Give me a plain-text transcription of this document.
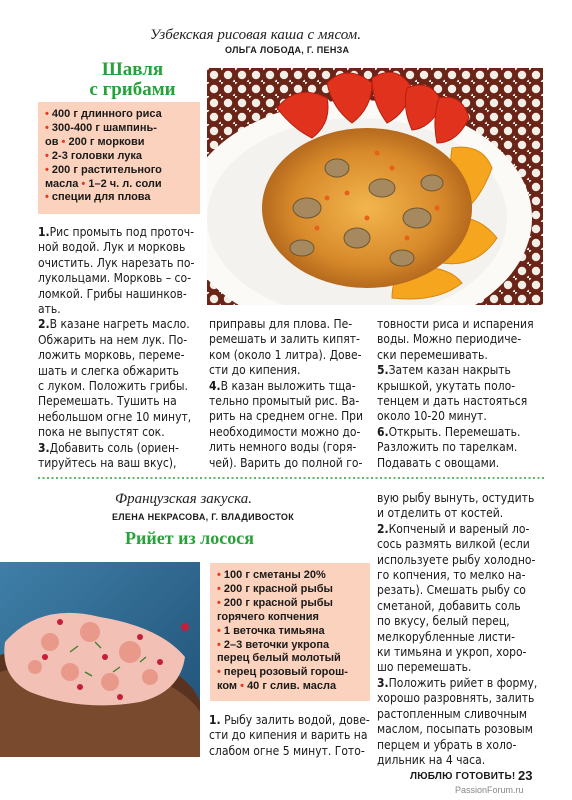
Узбекская рисовая каша с мясом.
ОЛЬГА ЛОБОДА, Г. ПЕНЗА
Шавля
с грибами
• 400 г длинного риса
• 300-400 г шампинь-
ов • 200 г моркови
• 2-3 головки лука
• 200 г растительного
масла • 1–2 ч. л. соли
• специи для плова
1.Рис промыть под проточ-
ной водой. Лук и морковь
очистить. Лук нарезать по-
лукольцами. Морковь – со-
ломкой. Грибы нашинков-
ать.
2.В казане нагреть масло.
Обжарить на нем лук. По-
ложить морковь, переме-
шать и слегка обжарить
с луком. Положить грибы.
Перемешать. Тушить на
небольшом огне 10 минут,
пока не выпустят сок.
3.Добавить соль (ориен-
тируйтесь на ваш вкус),
приправы для плова. Пе-
ремешать и залить кипят-
ком (около 1 литра). Дове-
сти до кипения.
4.В казан выложить тща-
тельно промытый рис. Ва-
рить на среднем огне. При
необходимости можно до-
лить немного воды (горя-
чей). Варить до полной го-
товности риса и испарения
воды. Можно периодиче-
ски перемешивать.
5.Затем казан накрыть
крышкой, укутать поло-
тенцем и дать настояться
около 10-20 минут.
6.Открыть. Перемешать.
Разложить по тарелкам.
Подавать с овощами.
Французская закуска.
ЕЛЕНА НЕКРАСОВА, Г. ВЛАДИВОСТОК
Рийет из лосося
• 100 г сметаны 20%
• 200 г красной рыбы
• 200 г красной рыбы
горячего копчения
• 1 веточка тимьяна
• 2–3 веточки укропа
перец белый молотый
• перец розовый горош-
ком • 40 г слив. масла
1. Рыбу залить водой, дове-
сти до кипения и варить на
слабом огне 5 минут. Гото-
вую рыбу вынуть, остудить
и отделить от костей.
2.Копченый и вареный ло-
сось размять вилкой (если
используете рыбу холодно-
го копчения, то мелко на-
резать). Смешать рыбу со
сметаной, добавить соль
по вкусу, белый перец,
мелкорубленные листи-
ки тимьяна и укроп, хоро-
шо перемешать.
3.Положить рийет в форму,
хорошо разровнять, залить
растопленным сливочным
маслом, посыпать розовым
перцем и убрать в холо-
дильник на 4 часа.
ЛЮБЛЮ ГОТОВИТЬ! 23
PassionForum.ru
